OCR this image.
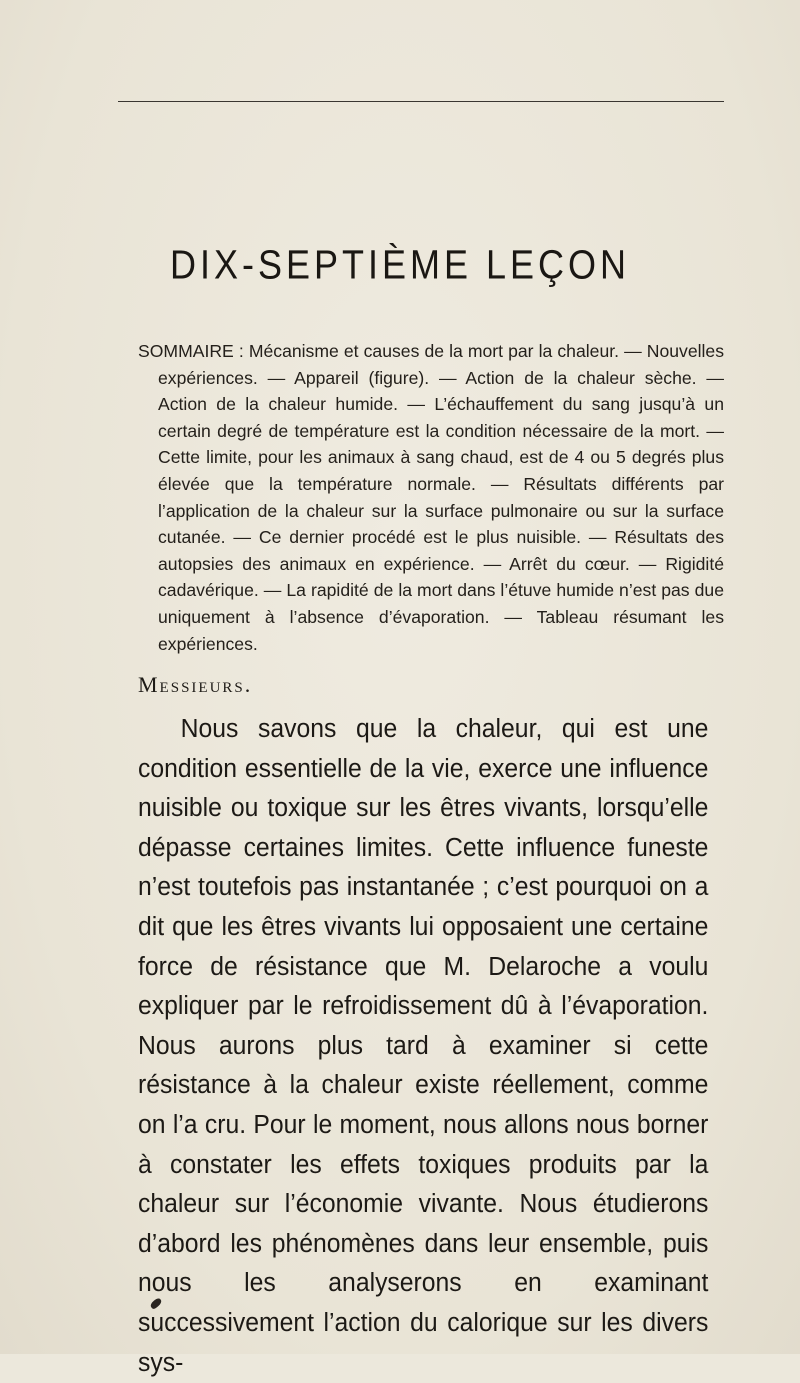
DIX-SEPTIÈME LEÇON

SOMMAIRE : Mécanisme et causes de la mort par la chaleur. — Nouvelles expériences. — Appareil (figure). — Action de la chaleur sèche. — Action de la chaleur humide. — L’échauffement du sang jusqu’à un certain degré de température est la condition nécessaire de la mort. — Cette limite, pour les animaux à sang chaud, est de 4 ou 5 degrés plus élevée que la température normale. — Résultats différents par l’application de la chaleur sur la surface pulmonaire ou sur la surface cutanée. — Ce dernier procédé est le plus nuisible. — Résultats des autopsies des animaux en expérience. — Arrêt du cœur. — Rigidité cadavérique. — La rapidité de la mort dans l’étuve humide n’est pas due uniquement à l’absence d’évaporation. — Tableau résumant les expériences.

Messieurs.

Nous savons que la chaleur, qui est une condition essentielle de la vie, exerce une influence nuisible ou toxique sur les êtres vivants, lorsqu’elle dépasse certaines limites. Cette influence funeste n’est toutefois pas instantanée ; c’est pourquoi on a dit que les êtres vivants lui opposaient une certaine force de résistance que M. Delaroche a voulu expliquer par le refroidissement dû à l’évaporation. Nous aurons plus tard à examiner si cette résistance à la chaleur existe réellement, comme on l’a cru. Pour le moment, nous allons nous borner à constater les effets toxiques produits par la chaleur sur l’économie vivante. Nous étudierons d’abord les phénomènes dans leur ensemble, puis nous les analyserons en examinant successivement l’action du calorique sur les divers sys-
